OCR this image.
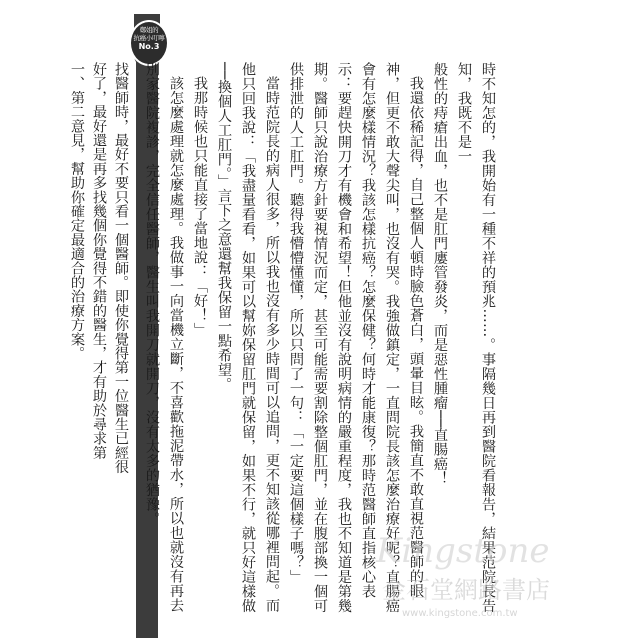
鄭姐的
抗癌小叮嚀
No.3

時不知怎的，我開始有一種不祥的預兆……。事隔幾日再到醫院看報告，結果范院長告知，我既不是一

般性的痔瘡出血，也不是肛門廔管發炎，而是惡性腫瘤──直腸癌！

我還依稀記得，自己整個人頓時臉色蒼白，頭暈目眩。我簡直不敢直視范醫師的眼神，但更不敢大聲尖叫，也沒有哭。我強做鎮定，一直問院長該怎麼治療好呢？直腸癌會有怎麼樣情況？我該怎樣抗癌？怎麼保健？何時才能康復？那時范醫師直指核心表示：要趕快開刀才有機會和希望！但他並沒有說明病情的嚴重程度，我也不知道是第幾期。醫師只說治療方針要視情況而定，甚至可能需要割除整個肛門，並在腹部換一個可供排泄的人工肛門。聽得我懵懵懂懂，所以只問了一句：「一定要這個樣子嗎？」

當時范院長的病人很多，所以我也沒有多少時間可以追問，更不知該從哪裡問起。而他只回我說：「我盡量看看，如果可以幫妳保留肛門就保留，如果不行，就只好這樣做──換個人工肛門。」言下之意還幫我保留一點希望。

我那時候也只能直接了當地說：「好！」

該怎麼處理就怎麼處理。我做事一向當機立斷，不喜歡拖泥帶水，所以也就沒有再去別家醫院複診，完全信任醫師，醫生叫我開刀就開刀，沒有太多的猶豫。

找醫師時，最好不要只看一個醫師。即使你覺得第一位醫生已經很好了，最好還是再多找幾個你覺得不錯的醫生，才有助於尋求第一、第二意見，幫助你確定最適合的治療方案。

Kingstone
金石堂網路書店
www.kingstone.com.tw
